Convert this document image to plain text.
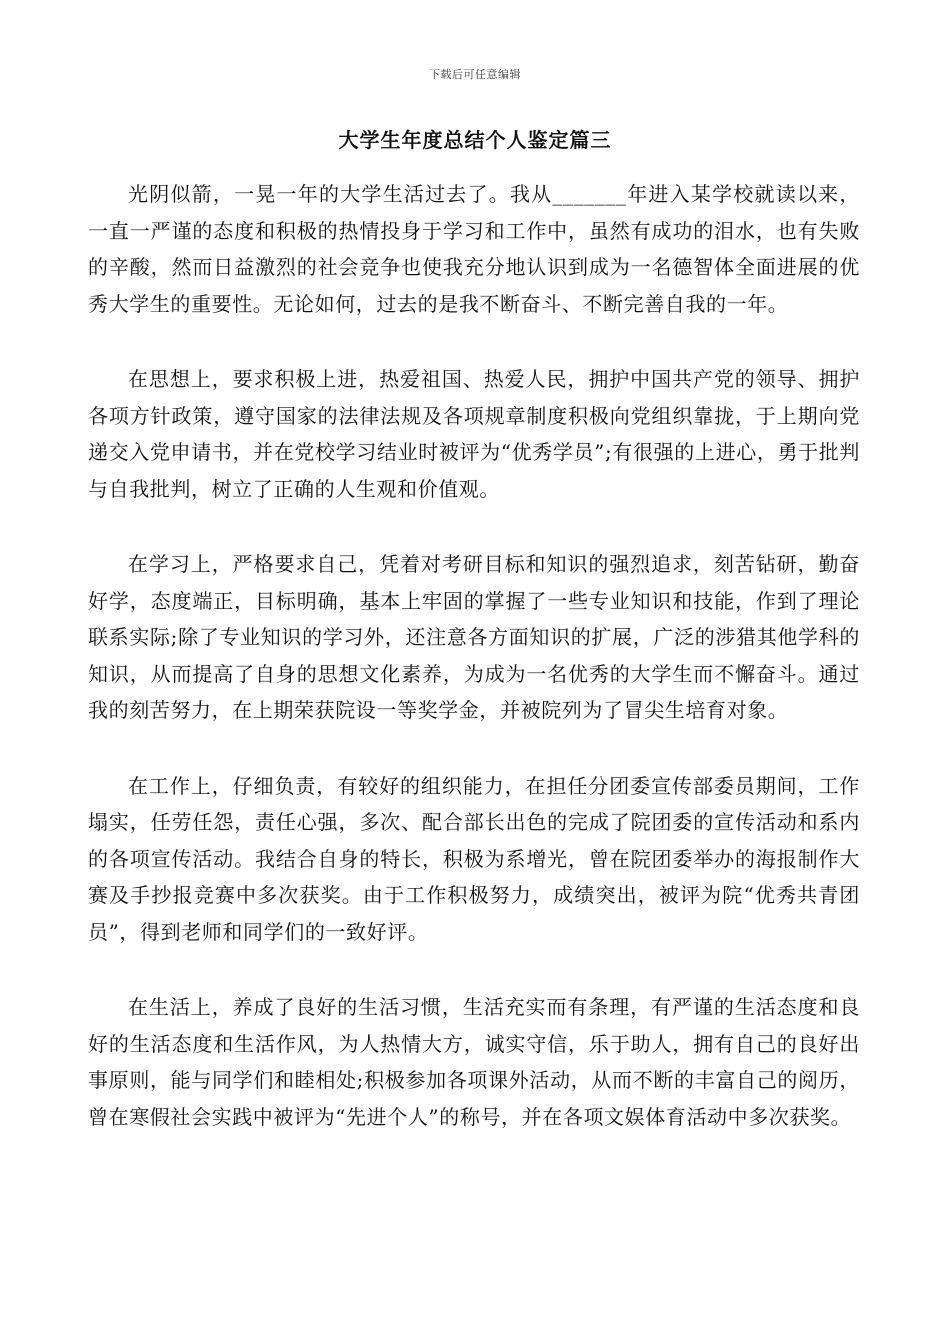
下载后可任意编辑
大学生年度总结个人鉴定篇三

光阴似箭，一晃一年的大学生活过去了。我从_______年进入某学校就读以来，一直一严谨的态度和积极的热情投身于学习和工作中，虽然有成功的泪水，也有失败的辛酸，然而日益激烈的社会竞争也使我充分地认识到成为一名德智体全面进展的优秀大学生的重要性。无论如何，过去的是我不断奋斗、不断完善自我的一年。

在思想上，要求积极上进，热爱祖国、热爱人民，拥护中国共产党的领导、拥护各项方针政策，遵守国家的法律法规及各项规章制度积极向党组织靠拢，于上期向党递交入党申请书，并在党校学习结业时被评为“优秀学员”;有很强的上进心，勇于批判与自我批判，树立了正确的人生观和价值观。

在学习上，严格要求自己，凭着对考研目标和知识的强烈追求，刻苦钻研，勤奋好学，态度端正，目标明确，基本上牢固的掌握了一些专业知识和技能，作到了理论联系实际;除了专业知识的学习外，还注意各方面知识的扩展，广泛的涉猎其他学科的知识，从而提高了自身的思想文化素养，为成为一名优秀的大学生而不懈奋斗。通过我的刻苦努力，在上期荣获院设一等奖学金，并被院列为了冒尖生培育对象。

在工作上，仔细负责，有较好的组织能力，在担任分团委宣传部委员期间，工作塌实，任劳任怨，责任心强，多次、配合部长出色的完成了院团委的宣传活动和系内的各项宣传活动。我结合自身的特长，积极为系增光，曾在院团委举办的海报制作大赛及手抄报竞赛中多次获奖。由于工作积极努力，成绩突出，被评为院“优秀共青团员”，得到老师和同学们的一致好评。

在生活上，养成了良好的生活习惯，生活充实而有条理，有严谨的生活态度和良好的生活态度和生活作风，为人热情大方，诚实守信，乐于助人，拥有自己的良好出事原则，能与同学们和睦相处;积极参加各项课外活动，从而不断的丰富自己的阅历，曾在寒假社会实践中被评为“先进个人”的称号，并在各项文娱体育活动中多次获奖。
